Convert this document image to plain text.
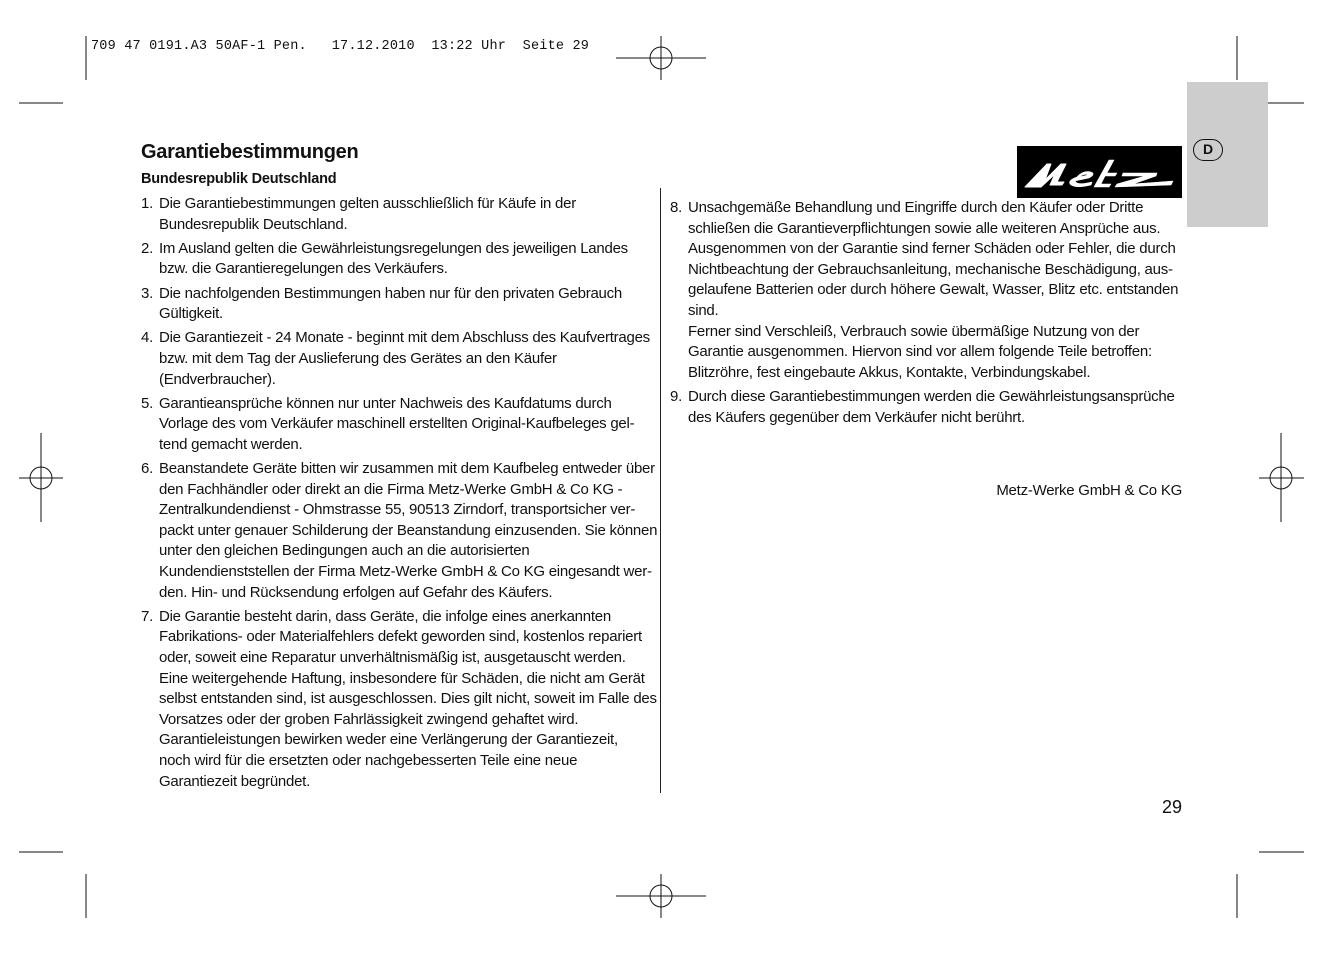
709 47 0191.A3 50AF-1 Pen.   17.12.2010  13:22 Uhr  Seite 29
D
Garantiebestimmungen
Bundesrepublik Deutschland
1. Die Garantiebestimmungen gelten ausschließlich für Käufe in der
Bundesrepublik Deutschland.
2. Im Ausland gelten die Gewährleistungsregelungen des jeweiligen Landes
bzw. die Garantieregelungen des Verkäufers.
3. Die nachfolgenden Bestimmungen haben nur für den privaten Gebrauch
Gültigkeit.
4. Die Garantiezeit - 24 Monate - beginnt mit dem Abschluss des Kaufvertrages
bzw. mit dem Tag der Auslieferung des Gerätes an den Käufer
(Endverbraucher).
5. Garantieansprüche können nur unter Nachweis des Kaufdatums durch
Vorlage des vom Verkäufer maschinell erstellten Original-Kaufbeleges gel-
tend gemacht werden.
6. Beanstandete Geräte bitten wir zusammen mit dem Kaufbeleg entweder über
den Fachhändler oder direkt an die Firma Metz-Werke GmbH & Co KG -
Zentralkundendienst - Ohmstrasse 55, 90513 Zirndorf, transportsicher ver-
packt unter genauer Schilderung der Beanstandung einzusenden. Sie können
unter den gleichen Bedingungen auch an die autorisierten
Kundendienststellen der Firma Metz-Werke GmbH & Co KG eingesandt wer-
den. Hin- und Rücksendung erfolgen auf Gefahr des Käufers.
7. Die Garantie besteht darin, dass Geräte, die infolge eines anerkannten
Fabrikations- oder Materialfehlers defekt geworden sind, kostenlos repariert
oder, soweit eine Reparatur unverhältnismäßig ist, ausgetauscht werden.
Eine weitergehende Haftung, insbesondere für Schäden, die nicht am Gerät
selbst entstanden sind, ist ausgeschlossen. Dies gilt nicht, soweit im Falle des
Vorsatzes oder der groben Fahrlässigkeit zwingend gehaftet wird.
Garantieleistungen bewirken weder eine Verlängerung der Garantiezeit,
noch wird für die ersetzten oder nachgebesserten Teile eine neue
Garantiezeit begründet.
8. Unsachgemäße Behandlung und Eingriffe durch den Käufer oder Dritte
schließen die Garantieverpflichtungen sowie alle weiteren Ansprüche aus.
Ausgenommen von der Garantie sind ferner Schäden oder Fehler, die durch
Nichtbeachtung der Gebrauchsanleitung, mechanische Beschädigung, aus-
gelaufene Batterien oder durch höhere Gewalt, Wasser, Blitz etc. entstanden
sind.
Ferner sind Verschleiß, Verbrauch sowie übermäßige Nutzung von der
Garantie ausgenommen. Hiervon sind vor allem folgende Teile betroffen:
Blitzröhre, fest eingebaute Akkus, Kontakte, Verbindungskabel.
9. Durch diese Garantiebestimmungen werden die Gewährleistungsansprüche
des Käufers gegenüber dem Verkäufer nicht berührt.
Metz-Werke GmbH & Co KG
29
